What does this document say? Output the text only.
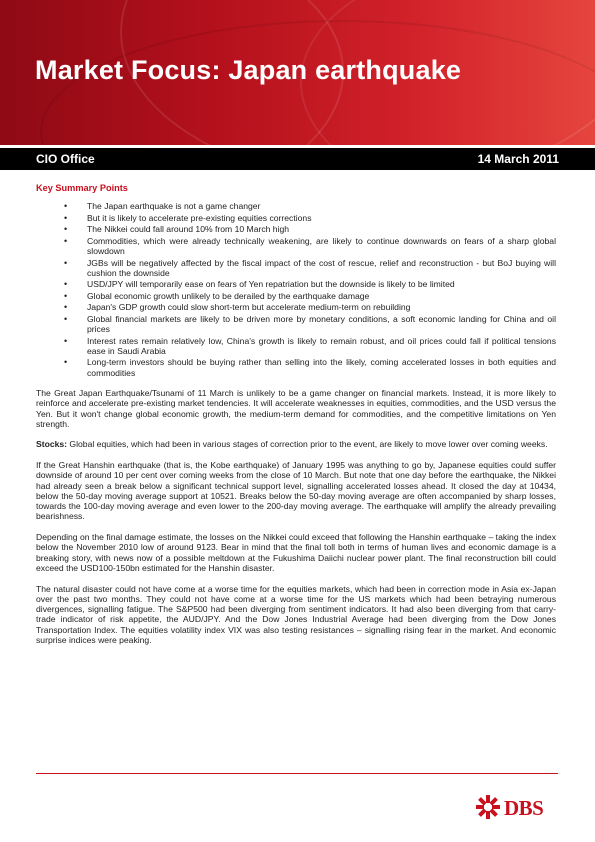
Market Focus: Japan earthquake
CIO Office	14 March 2011
Key Summary Points
• The Japan earthquake is not a game changer
• But it is likely to accelerate pre-existing equities corrections
• The Nikkei could fall around 10% from 10 March high
• Commodities, which were already technically weakening, are likely to continue downwards on fears of a sharp global slowdown
• JGBs will be negatively affected by the fiscal impact of the cost of rescue, relief and reconstruction - but BoJ buying will cushion the downside
• USD/JPY will temporarily ease on fears of Yen repatriation but the downside is likely to be limited
• Global economic growth unlikely to be derailed by the earthquake damage
• Japan's GDP growth could slow short-term but accelerate medium-term on rebuilding
• Global financial markets are likely to be driven more by monetary conditions, a soft economic landing for China and oil prices
• Interest rates remain relatively low, China's growth is likely to remain robust, and oil prices could fall if political tensions ease in Saudi Arabia
• Long-term investors should be buying rather than selling into the likely, coming accelerated losses in both equities and commodities

The Great Japan Earthquake/Tsunami of 11 March is unlikely to be a game changer on financial markets. Instead, it is more likely to reinforce and accelerate pre-existing market tendencies. It will accelerate weaknesses in equities, commodities, and the USD versus the Yen. But it won't change global economic growth, the medium-term demand for commodities, and the competitive limitations on Yen strength.

Stocks: Global equities, which had been in various stages of correction prior to the event, are likely to move lower over coming weeks.

If the Great Hanshin earthquake (that is, the Kobe earthquake) of January 1995 was anything to go by, Japanese equities could suffer downside of around 10 per cent over coming weeks from the close of 10 March. But note that one day before the earthquake, the Nikkei had already seen a break below a significant technical support level, signalling accelerated losses ahead. It closed the day at 10434, below the 50-day moving average support at 10521. Breaks below the 50-day moving average are often accompanied by sharp losses, towards the 100-day moving average and even lower to the 200-day moving average. The earthquake will amplify the already prevailing bearishness.

Depending on the final damage estimate, the losses on the Nikkei could exceed that following the Hanshin earthquake – taking the index below the November 2010 low of around 9123. Bear in mind that the final toll both in terms of human lives and economic damage is a breaking story, with news now of a possible meltdown at the Fukushima Daiichi nuclear power plant. The final reconstruction bill could exceed the USD100-150bn estimated for the Hanshin disaster.

The natural disaster could not have come at a worse time for the equities markets, which had been in correction mode in Asia ex-Japan over the past two months. They could not have come at a worse time for the US markets which had been betraying numerous divergences, signalling fatigue. The S&P500 had been diverging from sentiment indicators. It had also been diverging from that carry-trade indicator of risk appetite, the AUD/JPY. And the Dow Jones Industrial Average had been diverging from the Dow Jones Transportation Index. The equities volatility index VIX was also testing resistances – signalling rising fear in the market. And economic surprise indices were peaking.

DBS
